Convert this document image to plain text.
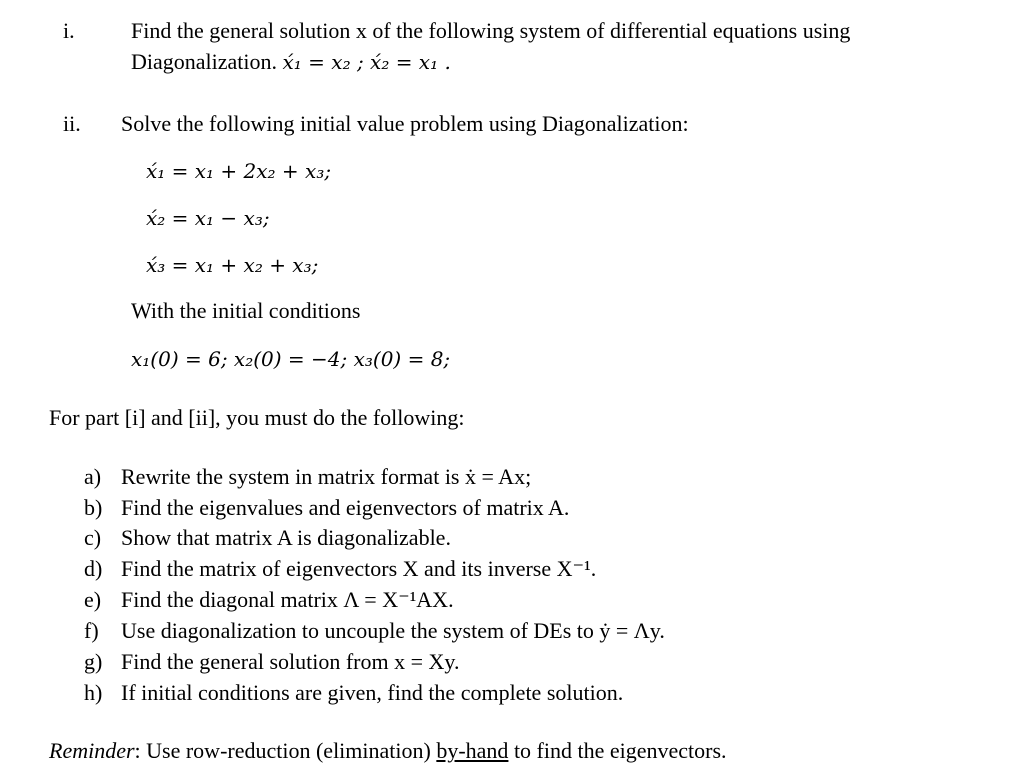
i.	Find the general solution x of the following system of differential equations using
Diagonalization. x́₁ = x₂ ; x́₂ = x₁ .
ii. Solve the following initial value problem using Diagonalization:
x́₁ = x₁ + 2x₂ + x₃;
x́₂ = x₁ − x₃;
x́₃ = x₁ + x₂ + x₃;
With the initial conditions
x₁(0) = 6; x₂(0) = −4; x₃(0) = 8;
For part [i] and [ii], you must do the following:
a) Rewrite the system in matrix format is ẋ = Ax;
b) Find the eigenvalues and eigenvectors of matrix A.
c) Show that matrix A is diagonalizable.
d) Find the matrix of eigenvectors X and its inverse X⁻¹.
e) Find the diagonal matrix Λ = X⁻¹AX.
f) Use diagonalization to uncouple the system of DEs to ẏ = Λy.
g) Find the general solution from x = Xy.
h) If initial conditions are given, find the complete solution.
Reminder: Use row-reduction (elimination) by-hand to find the eigenvectors.
